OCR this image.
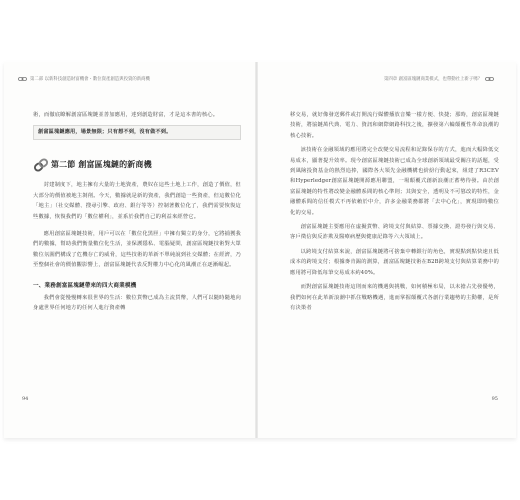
第二部 以新科技創造財富機會・數位資產創造與投資的新商機

術，而徹底瞭解創富區塊鏈並善加應用，達到創造財富，才是這本書的核心。

創富區塊鏈應用，場景無限；只有想不到，沒有做不到。
第二節 創富區塊鏈的新商機

封建制度下，地主擁有大量的土地資產，農奴在這些土地上工作，創造了價值，但大部分的價值被地主剝削。今天，數據就是新的資產，我們創造一些資產，但這數位化「地主」（社交媒體、搜尋引擎、政府、銀行等等）控制著數位化了，我們需要恢復這些數據，恢復我們的「數位權利」，並系於我們自己的利益來經營它。

應用創富區塊鏈技術，用戶可以在「數位化黑匣」中擁有獨立的身分，它將捕獲我們的數據，幫助我們衡量數位化生活，並保護隱私、電腦疑問，創富區塊鏈技術對大眾數位氛圍們構成了危機存亡的威脅，這些技術的革新不單純說到社交媒體；在經濟，乃至整個社會的價值觀影響上，創富區塊鏈代表反對權力中心化的風潮正在逐漸崛起。

一、業務創富區塊鏈帶來的四大商業模機

我們會從慢慢轉來很世界的生活：數位貨幣已成為主流貨幣，人們可以隨時隨地向身處世界任何地方的任何人進行資產轉

94
第四章 創富區塊鏈商業模式，也帶動社上新子嗎？

移交易，就好像發送郵件或打開流行媒體播放音樂一樣方便、快捷；那時，創富區塊鏈技術，將協鏈萬代典、電力、資訊和網際網路科技之後，擴發第六輪顛覆性革命浪潮的核心技術。

該技術在金融領域的應用將完全改變交易流程和記錄保存的方式，進而大幅降低交易成本，顯著提升效率。現今創富區塊鏈技術已成為全球創新領域最受關注的話題，受到風險投資基金的熱烈追捧，國際各大領先金融機構也紛紛行動起來，組建了R3CEV和Hyperledger創富區塊鏈開源應用聯盟，一場顛覆式創新浪潮正蓄勢待發。由於創富區塊鏈的特性將改變金融體系間的核心準則；其與安全，透明及不可篡改的特性，金融體系間的信任模式不再依賴於中介，許多金融業務都將「去中心化」，實現即時數位化的交易。

創富區塊鏈主要應用在虛擬貨幣、跨境支付與結算、票據交換、證券發行與交易、客戶徵信與反詐欺及醫療病歷與健康記錄等六大領域上。

以跨境支付結算來說，創富區塊鏈將可捨棄中轉銀行的角色，實現點到點快速且低成本的跨境支付；根據麥肯錫的測算，創富區塊鏈技術在B2B跨境支付與結算業務中的應用將可降低每筆交易成本約40%。

而對創富區塊鏈技術這則而來的機遇與挑戰，如何積極布局，以未搶占先發優勢，我們如何在此革新浪潮中抓住戰略機遇，進而掌握顛覆式各創行業趨勢的主動權，是所有決策者

95
